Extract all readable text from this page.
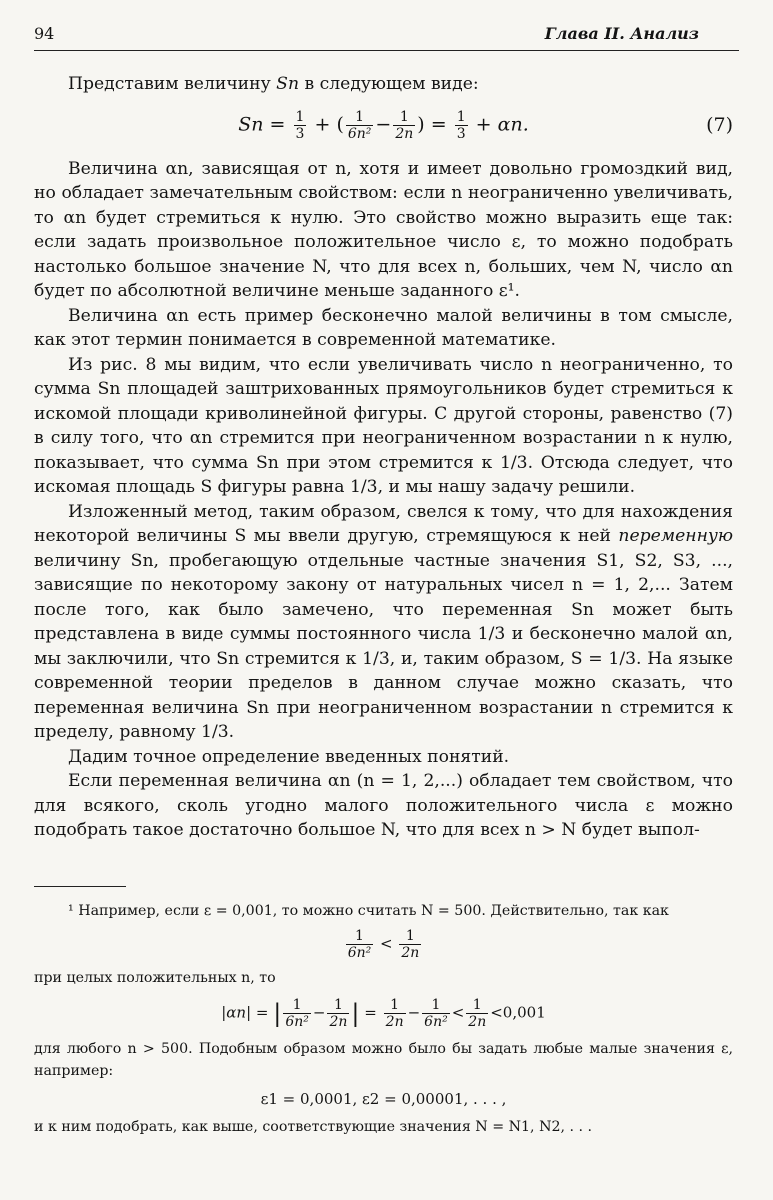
94	Глава II. Анализ

Представим величину Sn в следующем виде:

$Sn = \frac{1}{3}$ + ( $\frac{1}{\text{6n²}} - \frac{1}{2n}$ ) = $\frac{1}{3} + \alpha n$.	(7)

Величина αn, зависящая от n, хотя и имеет довольно громоздкий вид, но обладает замечательным свойством: если n неограниченно увеличивать, то αn будет стремиться к нулю. Это свойство можно выразить еще так: если задать произвольное положительное число ε, то можно подобрать настолько большое значение N, что для всех n, больших, чем N, число αn будет по абсолютной величине меньше заданного ε¹.

Величина αn есть пример бесконечно малой величины в том смысле, как этот термин понимается в современной математике.

Из рис. 8 мы видим, что если увеличивать число n неограниченно, то сумма Sn площадей заштрихованных прямоугольников будет стремиться к искомой площади криволинейной фигуры. С другой стороны, равенство (7) в силу того, что αn стремится при неограниченном возрастании n к нулю, показывает, что сумма Sn при этом стремится к 1/3. Отсюда следует, что искомая площадь S фигуры равна 1/3, и мы нашу задачу решили.

Изложенный метод, таким образом, свелся к тому, что для нахождения некоторой величины S мы ввели другую, стремящуюся к ней переменную величину Sn, пробегающую отдельные частные значения S1, S2, S3, ..., зависящие по некоторому закону от натуральных чисел n = 1, 2,... Затем после того, как было замечено, что переменная Sn может быть представлена в виде суммы постоянного числа 1/3 и бесконечно малой αn, мы заключили, что Sn стремится к 1/3, и, таким образом, S = 1/3. На языке современной теории пределов в данном случае можно сказать, что переменная величина Sn при неограниченном возрастании n стремится к пределу, равному 1/3.

Дадим точное определение введенных понятий.

Если переменная величина αn (n = 1, 2,...) обладает тем свойством, что для всякого, сколь угодно малого положительного числа ε можно подобрать такое достаточно большое N, что для всех n > N будет выпол-

¹ Например, если ε = 0,001, то можно считать N = 500. Действительно, так как

$\frac{1}{\text{6n²}} < \frac{1}{2n}$

при целых положительных n, то

|αn| = | $\frac{1}{\text{6n²}} - \frac{1}{2n}$ | = $\frac{1}{2n} - \frac{1}{\text{6n²}} < \frac{1}{2n} <0,001$

для любого n > 500. Подобным образом можно было бы задать любые малые значения ε, например:

ε1 = 0,0001, ε2 = 0,00001, . . . ,

и к ним подобрать, как выше, соответствующие значения N = N1, N2, . . .
